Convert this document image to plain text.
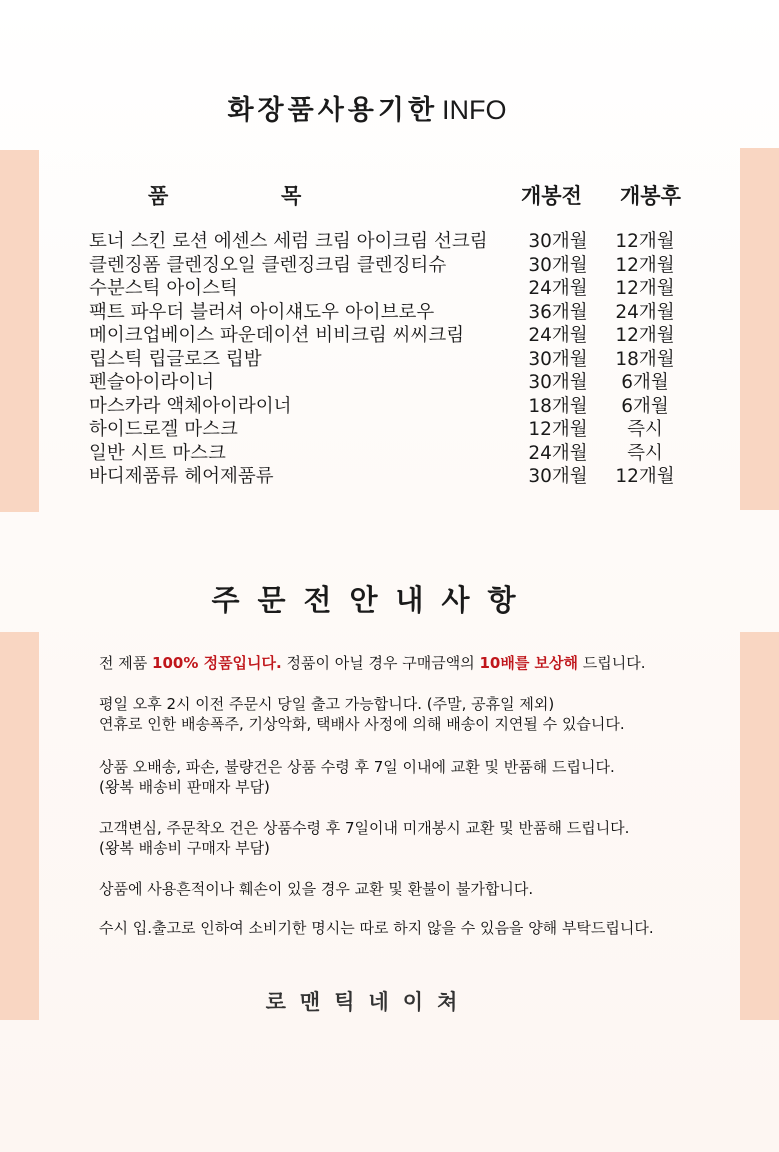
화장품사용기한 INFO
품	목	개봉전 개봉후
토너 스킨 로션 에센스 세럼 크림 아이크림 선크림 30개월	12개월
클렌징폼 클렌징오일 클렌징크림 클렌징티슈	30개월	12개월
수분스틱 아이스틱	24개월	12개월
팩트 파우더 블러셔 아이섀도우 아이브로우	36개월	24개월
메이크업베이스 파운데이션 비비크림 씨씨크림	24개월	12개월
립스틱 립글로즈 립밤	30개월	18개월
펜슬아이라이너	30개월	6개월
마스카라 액체아이라이너	18개월	6개월
하이드로겔 마스크	12개월	즉시
일반 시트 마스크	24개월	즉시
바디제품류 헤어제품류	30개월	12개월
주문전안내사항
전 제품 100% 정품입니다. 정품이 아닐 경우 구매금액의 10배를 보상해 드립니다.
평일 오후 2시 이전 주문시 당일 출고 가능합니다. (주말, 공휴일 제외)
연휴로 인한 배송폭주, 기상악화, 택배사 사정에 의해 배송이 지연될 수 있습니다.
상품 오배송, 파손, 불량건은 상품 수령 후 7일 이내에 교환 및 반품해 드립니다.
(왕복 배송비 판매자 부담)
고객변심, 주문착오 건은 상품수령 후 7일이내 미개봉시 교환 및 반품해 드립니다.
(왕복 배송비 구매자 부담)
상품에 사용흔적이나 훼손이 있을 경우 교환 및 환불이 불가합니다.
수시 입.출고로 인하여 소비기한 명시는 따로 하지 않을 수 있음을 양해 부탁드립니다.
로맨틱네이쳐
